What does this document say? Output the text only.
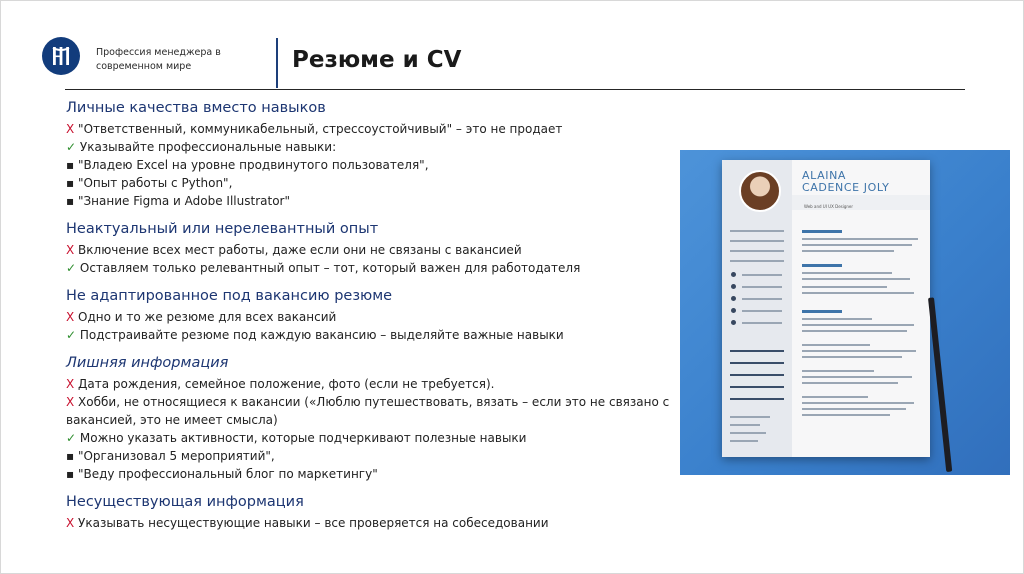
Профессия менеджера в
современном мире	Резюме и CV
Личные качества вместо навыков
X "Ответственный, коммуникабельный, стрессоустойчивый" – это не продает
✓ Указывайте профессиональные навыки:
▪ "Владею Excel на уровне продвинутого пользователя",
▪ "Опыт работы с Python",
▪ "Знание Figma и Adobe Illustrator"
Неактуальный или нерелевантный опыт
X Включение всех мест работы, даже если они не связаны с вакансией
✓ Оставляем только релевантный опыт – тот, который важен для работодателя
Не адаптированное под вакансию резюме
X Одно и то же резюме для всех вакансий
✓ Подстраивайте резюме под каждую вакансию – выделяйте важные навыки
Лишняя информация
X Дата рождения, семейное положение, фото (если не требуется).
X Хобби, не относящиеся к вакансии («Люблю путешествовать, вязать – если это не связано с вакансией, это не имеет смысла)
✓ Можно указать активности, которые подчеркивают полезные навыки
▪ "Организовал 5 мероприятий",
▪ "Веду профессиональный блог по маркетингу"
Несуществующая информация
X Указывать несуществующие навыки – все проверяется на собеседовании
ALAINA
CADENCE JOLY
Web and UI UX Designer
